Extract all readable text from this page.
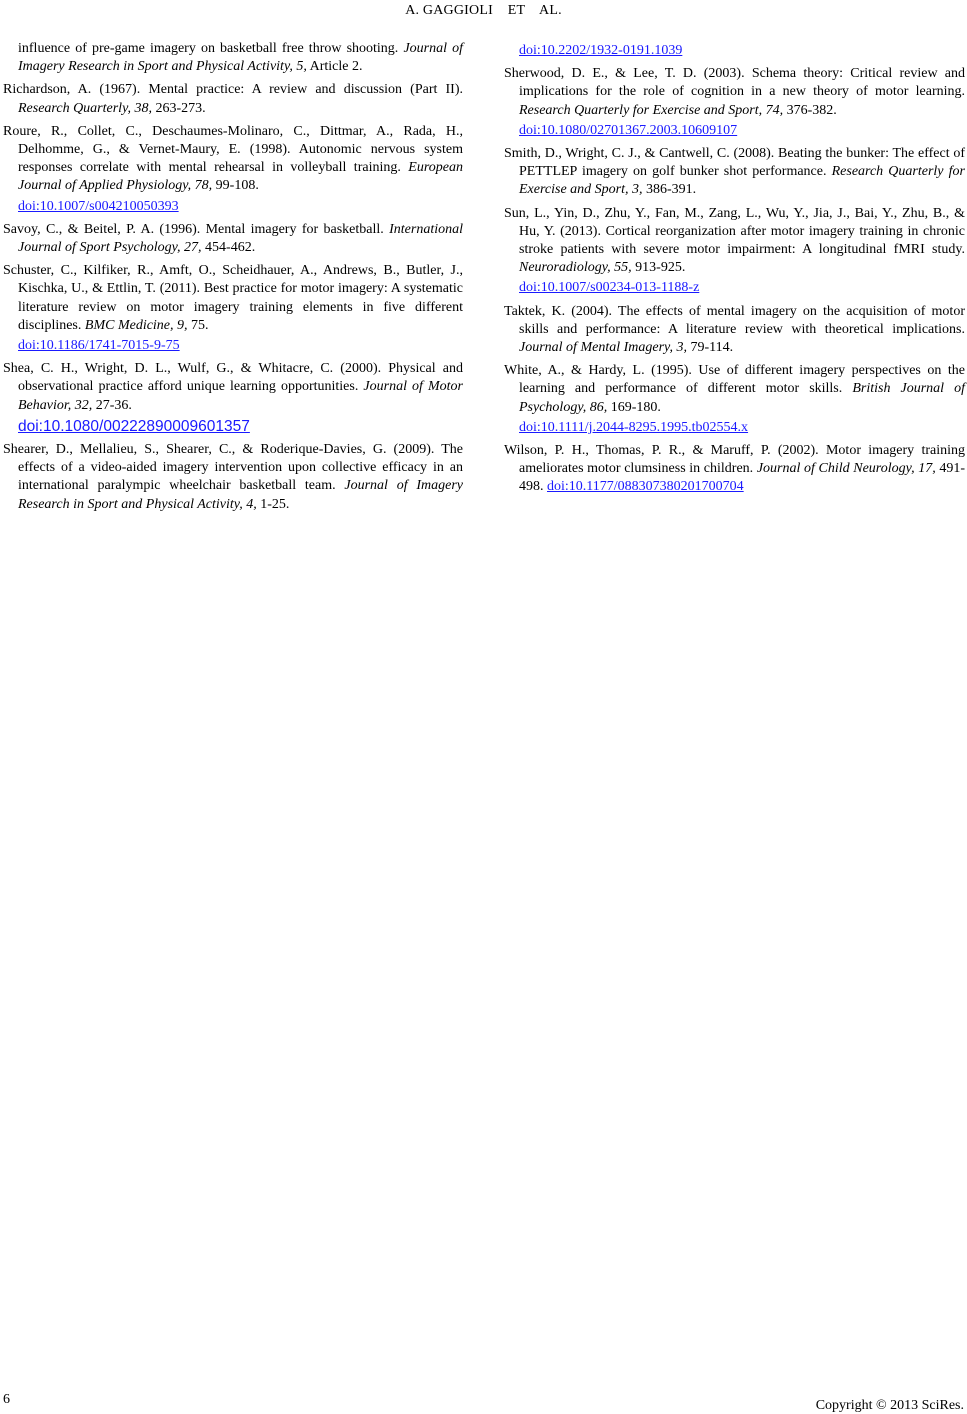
A. GAGGIOLI    ET    AL.

influence of pre-game imagery on basketball free throw shooting. Journal of Imagery Research in Sport and Physical Activity, 5, Article 2.

Richardson, A. (1967). Mental practice: A review and discussion (Part II). Research Quarterly, 38, 263-273.

Roure, R., Collet, C., Deschaumes-Molinaro, C., Dittmar, A., Rada, H., Delhomme, G., & Vernet-Maury, E. (1998). Autonomic nervous system responses correlate with mental rehearsal in volleyball training. European Journal of Applied Physiology, 78, 99-108.
doi:10.1007/s004210050393

Savoy, C., & Beitel, P. A. (1996). Mental imagery for basketball. International Journal of Sport Psychology, 27, 454-462.

Schuster, C., Kilfiker, R., Amft, O., Scheidhauer, A., Andrews, B., Butler, J., Kischka, U., & Ettlin, T. (2011). Best practice for motor imagery: A systematic literature review on motor imagery training elements in five different disciplines. BMC Medicine, 9, 75.
doi:10.1186/1741-7015-9-75

Shea, C. H., Wright, D. L., Wulf, G., & Whitacre, C. (2000). Physical and observational practice afford unique learning opportunities. Journal of Motor Behavior, 32, 27-36.
doi:10.1080/00222890009601357

Shearer, D., Mellalieu, S., Shearer, C., & Roderique-Davies, G. (2009). The effects of a video-aided imagery intervention upon collective efficacy in an international paralympic wheelchair basketball team. Journal of Imagery Research in Sport and Physical Activity, 4, 1-25.

doi:10.2202/1932-0191.1039

Sherwood, D. E., & Lee, T. D. (2003). Schema theory: Critical review and implications for the role of cognition in a new theory of motor learning. Research Quarterly for Exercise and Sport, 74, 376-382.
doi:10.1080/02701367.2003.10609107

Smith, D., Wright, C. J., & Cantwell, C. (2008). Beating the bunker: The effect of PETTLEP imagery on golf bunker shot performance. Research Quarterly for Exercise and Sport, 3, 386-391.

Sun, L., Yin, D., Zhu, Y., Fan, M., Zang, L., Wu, Y., Jia, J., Bai, Y., Zhu, B., & Hu, Y. (2013). Cortical reorganization after motor imagery training in chronic stroke patients with severe motor impairment: A longitudinal fMRI study. Neuroradiology, 55, 913-925.
doi:10.1007/s00234-013-1188-z

Taktek, K. (2004). The effects of mental imagery on the acquisition of motor skills and performance: A literature review with theoretical implications. Journal of Mental Imagery, 3, 79-114.

White, A., & Hardy, L. (1995). Use of different imagery perspectives on the learning and performance of different motor skills. British Journal of Psychology, 86, 169-180.
doi:10.1111/j.2044-8295.1995.tb02554.x

Wilson, P. H., Thomas, P. R., & Maruff, P. (2002). Motor imagery training ameliorates motor clumsiness in children. Journal of Child Neurology, 17, 491-498. doi:10.1177/088307380201700704

6	Copyright © 2013 SciRes.
